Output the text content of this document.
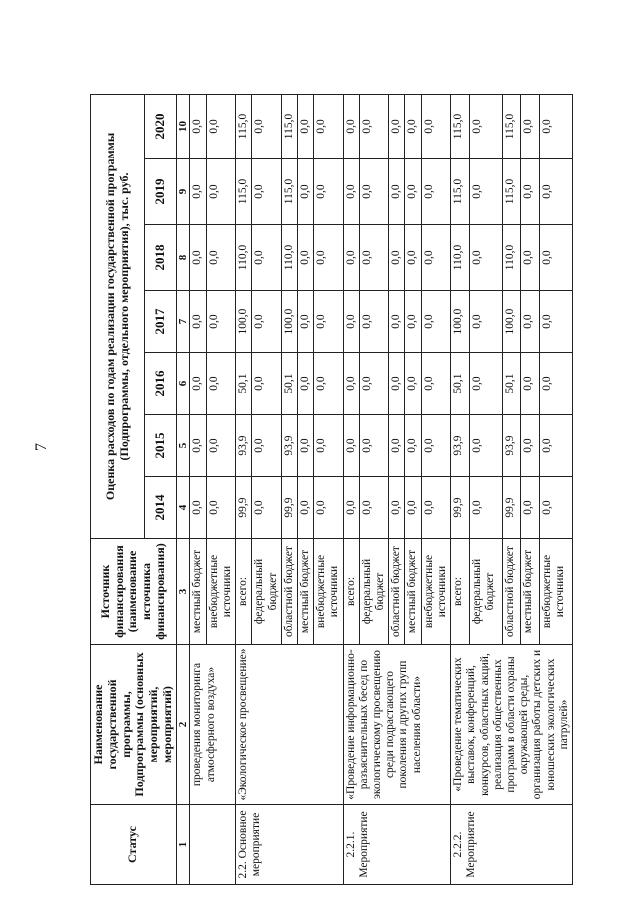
7
Статус	Наименование государственной программы, Подпрограммы (основных мероприятий, мероприятий)	Источник финансирования (наименование источника финансирования)	Оценка расходов по годам реализации государственной программы (Подпрограммы, отдельного мероприятия), тыс. руб.						
			2014	2015	2016	2017	2018	2019	2020
1	2	3	4	5	6	7	8	9	10
	проведения мониторинга атмосферного воздуха»	местный бюджет	0,0	0,0	0,0	0,0	0,0	0,0	0,0
		внебюджетные источники	0,0	0,0	0,0	0,0	0,0	0,0	0,0
2.2. Основное мероприятие	«Экологическое просвещение»	всего:	99,9	93,9	50,1	100,0	110,0	115,0	115,0
		федеральный бюджет	0,0	0,0	0,0	0,0	0,0	0,0	0,0
		областной бюджет	99,9	93,9	50,1	100,0	110,0	115,0	115,0
		местный бюджет	0,0	0,0	0,0	0,0	0,0	0,0	0,0
		внебюджетные источники	0,0	0,0	0,0	0,0	0,0	0,0	0,0
2.2.1. Мероприятие	«Проведение информационно-разъяснительных бесед по экологическому просвещению среди подрастающего поколения и других групп населения области»	всего:	0,0	0,0	0,0	0,0	0,0	0,0	0,0
		федеральный бюджет	0,0	0,0	0,0	0,0	0,0	0,0	0,0
		областной бюджет	0,0	0,0	0,0	0,0	0,0	0,0	0,0
		местный бюджет	0,0	0,0	0,0	0,0	0,0	0,0	0,0
		внебюджетные источники	0,0	0,0	0,0	0,0	0,0	0,0	0,0
2.2.2. Мероприятие	«Проведение тематических выставок, конференций, конкурсов, областных акций, реализация общественных программ в области охраны окружающей среды, организация работы детских и юношеских экологических патрулей»	всего:	99,9	93,9	50,1	100,0	110,0	115,0	115,0
		федеральный бюджет	0,0	0,0	0,0	0,0	0,0	0,0	0,0
		областной бюджет	99,9	93,9	50,1	100,0	110,0	115,0	115,0
		местный бюджет	0,0	0,0	0,0	0,0	0,0	0,0	0,0
		внебюджетные источники	0,0	0,0	0,0	0,0	0,0	0,0	0,0
